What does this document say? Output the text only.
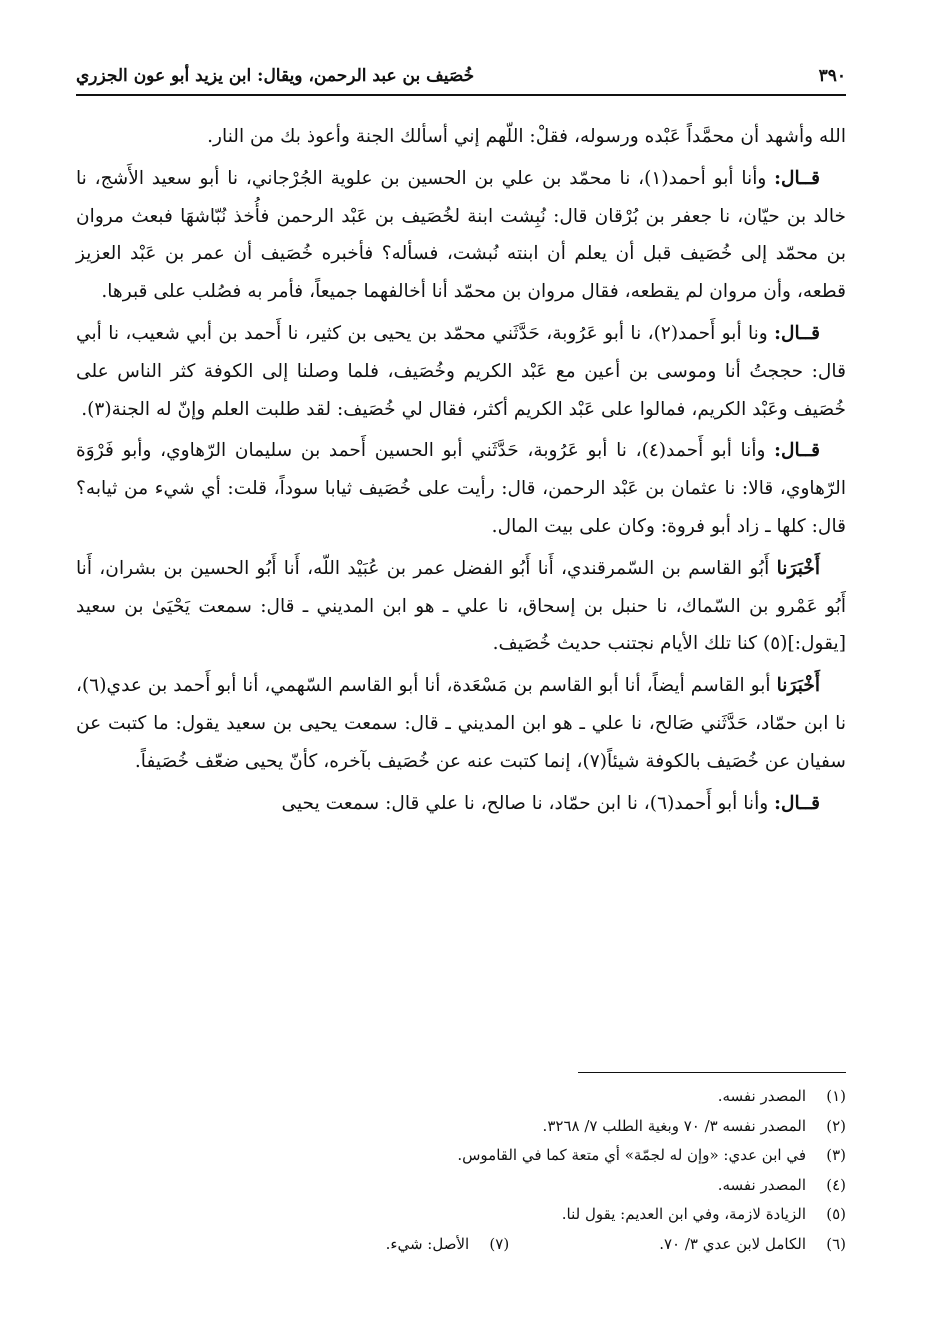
٣٩٠
خُصَيف بن عبد الرحمن، ويقال: ابن يزيد أبو عون الجزري

الله وأشهد أن محمَّداً عَبْده ورسوله، فقلْ: اللّهم إني أسألك الجنة وأعوذ بك من النار.

قــال: وأنا أبو أحمد(١)، نا محمّد بن علي بن الحسين بن علوية الجُرْجاني، نا أبو سعيد الأَشج، نا خالد بن حيّان، نا جعفر بن بُرْقان قال: نُبِشت ابنة لخُصَيف بن عَبْد الرحمن فأُخذ نُبّاشهَا فبعث مروان بن محمّد إلى خُصَيف قبل أن يعلم أن ابنته نُبشت، فسأله؟ فأخبره خُصَيف أن عمر بن عَبْد العزيز قطعه، وأن مروان لم يقطعه، فقال مروان بن محمّد أنا أخالفهما جميعاً، فأمر به فصُلب على قبرها.

قــال: ونا أبو أَحمد(٢)، نا أبو عَرُوبة، حَدَّثَني محمّد بن يحيى بن كثير، نا أَحمد بن أبي شعيب، نا أبي قال: حججتُ أنا وموسى بن أعين مع عَبْد الكريم وخُصَيف، فلما وصلنا إلى الكوفة كثر الناس على خُصَيف وعَبْد الكريم، فمالوا على عَبْد الكريم أكثر، فقال لي خُصَيف: لقد طلبت العلم وإنّ له الجنة(٣).

قــال: وأنا أبو أَحمد(٤)، نا أبو عَرُوبة، حَدَّثَني أبو الحسين أَحمد بن سليمان الرّهاوي، وأبو فَرْوَة الرّهاوي، قالا: نا عثمان بن عَبْد الرحمن، قال: رأيت على خُصَيف ثيابا سوداً، قلت: أي شيء من ثيابه؟ قال: كلها ـ زاد أبو فروة: وكان على بيت المال.

أَخْبَرَنا أَبُو القاسم بن السّمرقندي، أَنا أَبُو الفضل عمر بن عُبَيْد اللّه، أَنا أَبُو الحسين بن بشران، أَنا أَبُو عَمْرو بن السّماك، نا حنبل بن إسحاق، نا علي ـ هو ابن المديني ـ قال: سمعت يَحْيَىٰ بن سعيد [يقول:](٥) كنا تلك الأيام نجتنب حديث خُصَيف.

أَخْبَرَنا أبو القاسم أيضاً، أنا أبو القاسم بن مَسْعَدة، أنا أبو القاسم السّهمي، أنا أبو أَحمد بن عدي(٦)، نا ابن حمّاد، حَدَّثَني صَالح، نا علي ـ هو ابن المديني ـ قال: سمعت يحيى بن سعيد يقول: ما كتبت عن سفيان عن خُصَيف بالكوفة شيئاً(٧)، إنما كتبت عنه عن خُصَيف بآخره، كأنّ يحيى ضعّف خُصَيفاً.

قــال: وأنا أبو أَحمد(٦)، نا ابن حمّاد، نا صالح، نا علي قال: سمعت يحيى

(١)
المصدر نفسه.
(٢)
المصدر نفسه ٣/ ٧٠ وبغية الطلب ٧/ ٣٢٦٨.
(٣)
في ابن عدي: «وإن له لجمّة» أي متعة كما في القاموس.
(٤)
المصدر نفسه.
(٥)
الزيادة لازمة، وفي ابن العديم: يقول لنا.
(٦)
الكامل لابن عدي ٣/ ٧٠.
(٧)
الأصل: شيء.
